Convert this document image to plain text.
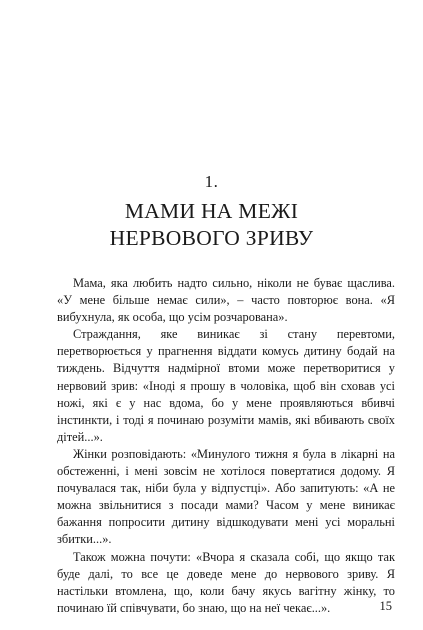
1.
МАМИ НА МЕЖІ
НЕРВОВОГО ЗРИВУ

Мама, яка любить надто сильно, ніколи не буває щаслива. «У мене більше немає сили», – часто повторює вона. «Я вибухнула, як особа, що усім розчарована».

Страждання, яке виникає зі стану перевтоми, перетворюється у прагнення віддати комусь дитину бодай на тиждень. Відчуття надмірної втоми може перетворитися у нервовий зрив: «Іноді я прошу в чоловіка, щоб він сховав усі ножі, які є у нас вдома, бо у мене проявляються вбивчі інстинкти, і тоді я починаю розуміти мамів, які вбивають своїх дітей...».

Жінки розповідають: «Минулого тижня я була в лікарні на обстеженні, і мені зовсім не хотілося повертатися додому. Я почувалася так, ніби була у відпустці». Або запитують: «А не можна звільнитися з посади мами? Часом у мене виникає бажання попросити дитину відшкодувати мені усі моральні збитки...».

Також можна почути: «Вчора я сказала собі, що якщо так буде далі, то все це доведе мене до нервового зриву. Я настільки втомлена, що, коли бачу якусь вагітну жінку, то починаю їй співчувати, бо знаю, що на неї чекає...».	15
